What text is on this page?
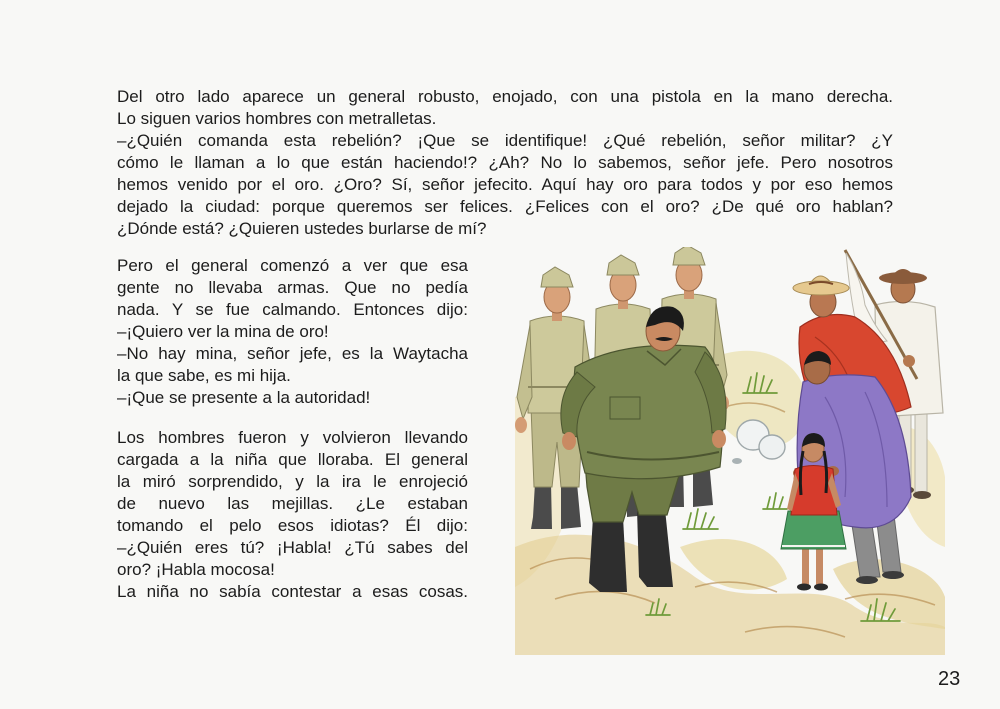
Del otro lado aparece un general robusto, enojado, con una pistola en la mano derecha.
Lo siguen varios hombres con metralletas.
–¿Quién comanda esta rebelión? ¡Que se identifique! ¿Qué rebelión, señor militar? ¿Y
cómo le llaman a lo que están haciendo!? ¿Ah? No lo sabemos, señor jefe. Pero nosotros
hemos venido por el oro. ¿Oro? Sí, señor jefecito. Aquí hay oro para todos y por eso hemos
dejado la ciudad: porque queremos ser felices. ¿Felices con el oro? ¿De qué oro hablan?
¿Dónde está? ¿Quieren ustedes burlarse de mí?
Pero el general comenzó a ver que esa
gente no llevaba armas. Que no pedía
nada. Y se fue calmando. Entonces dijo:
–¡Quiero ver la mina de oro!
–No hay mina, señor jefe, es la Waytacha
la que sabe, es mi hija.
–¡Que se presente a la autoridad!
Los hombres fueron y volvieron llevando
cargada a la niña que lloraba. El general
la miró sorprendido, y la ira le enrojeció
de nuevo las mejillas. ¿Le estaban
tomando el pelo esos idiotas? Él dijo:
–¿Quién eres tú? ¡Habla! ¿Tú sabes del
oro? ¡Habla mocosa!
La niña no sabía contestar a esas cosas.
23
